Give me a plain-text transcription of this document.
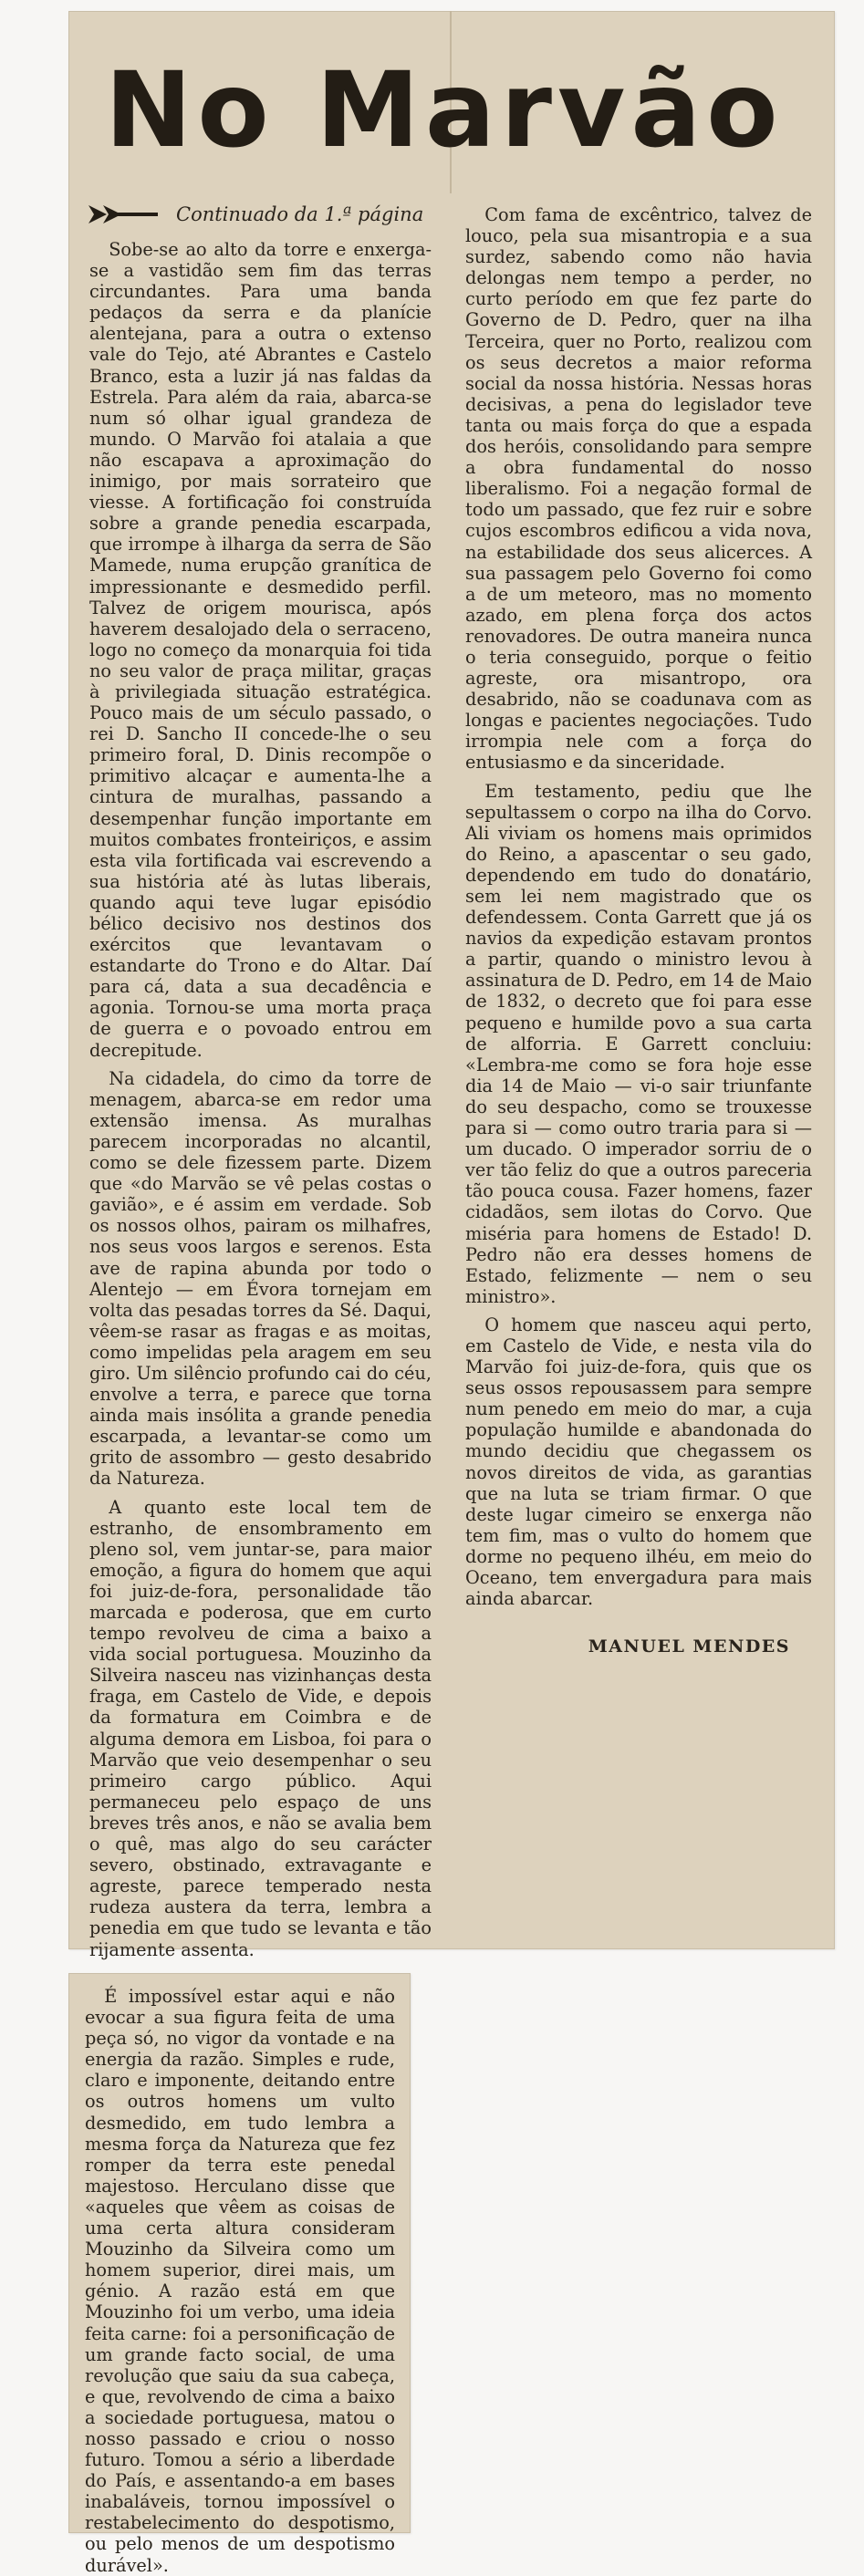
No Marvão
Continuado da 1.ª página

Sobe-se ao alto da torre e enxerga-se a vastidão sem fim das terras circundantes. Para uma banda pedaços da serra e da planície alentejana, para a outra o extenso vale do Tejo, até Abrantes e Castelo Branco, esta a luzir já nas faldas da Estrela. Para além da raia, abarca-se num só olhar igual grandeza de mundo. O Marvão foi atalaia a que não escapava a aproximação do inimigo, por mais sorrateiro que viesse. A fortificação foi construída sobre a grande penedia escarpada, que irrompe à ilharga da serra de São Mamede, numa erupção granítica de impressionante e desmedido perfil. Talvez de origem mourisca, após haverem desalojado dela o serraceno, logo no começo da monarquia foi tida no seu valor de praça militar, graças à privilegiada situação estratégica. Pouco mais de um século passado, o rei D. Sancho II concede-lhe o seu primeiro foral, D. Dinis recompõe o primitivo alcaçar e aumenta-lhe a cintura de muralhas, passando a desempenhar função importante em muitos combates fronteiriços, e assim esta vila fortificada vai escrevendo a sua história até às lutas liberais, quando aqui teve lugar episódio bélico decisivo nos destinos dos exércitos que levantavam o estandarte do Trono e do Altar. Daí para cá, data a sua decadência e agonia. Tornou-se uma morta praça de guerra e o povoado entrou em decrepitude.

Na cidadela, do cimo da torre de menagem, abarca-se em redor uma extensão imensa. As muralhas parecem incorporadas no alcantil, como se dele fizessem parte. Dizem que «do Marvão se vê pelas costas o gavião», e é assim em verdade. Sob os nossos olhos, pairam os milhafres, nos seus voos largos e serenos. Esta ave de rapina abunda por todo o Alentejo — em Évora tornejam em volta das pesadas torres da Sé. Daqui, vêem-se rasar as fragas e as moitas, como impelidas pela aragem em seu giro. Um silêncio profundo cai do céu, envolve a terra, e parece que torna ainda mais insólita a grande penedia escarpada, a levantar-se como um grito de assombro — gesto desabrido da Natureza.

A quanto este local tem de estranho, de ensombramento em pleno sol, vem juntar-se, para maior emoção, a figura do homem que aqui foi juiz-de-fora, personalidade tão marcada e poderosa, que em curto tempo revolveu de cima a baixo a vida social portuguesa. Mouzinho da Silveira nasceu nas vizinhanças desta fraga, em Castelo de Vide, e depois da formatura em Coimbra e de alguma demora em Lisboa, foi para o Marvão que veio desempenhar o seu primeiro cargo público. Aqui permaneceu pelo espaço de uns breves três anos, e não se avalia bem o quê, mas algo do seu carácter severo, obstinado, extravagante e agreste, parece temperado nesta rudeza austera da terra, lembra a penedia em que tudo se levanta e tão rijamente assenta.

Com fama de excêntrico, talvez de louco, pela sua misantropia e a sua surdez, sabendo como não havia delongas nem tempo a perder, no curto período em que fez parte do Governo de D. Pedro, quer na ilha Terceira, quer no Porto, realizou com os seus decretos a maior reforma social da nossa história. Nessas horas decisivas, a pena do legislador teve tanta ou mais força do que a espada dos heróis, consolidando para sempre a obra fundamental do nosso liberalismo. Foi a negação formal de todo um passado, que fez ruir e sobre cujos escombros edificou a vida nova, na estabilidade dos seus alicerces. A sua passagem pelo Governo foi como a de um meteoro, mas no momento azado, em plena força dos actos renovadores. De outra maneira nunca o teria conseguido, porque o feitio agreste, ora misantropo, ora desabrido, não se coadunava com as longas e pacientes negociações. Tudo irrompia nele com a força do entusiasmo e da sinceridade.

Em testamento, pediu que lhe sepultassem o corpo na ilha do Corvo. Ali viviam os homens mais oprimidos do Reino, a apascentar o seu gado, dependendo em tudo do donatário, sem lei nem magistrado que os defendessem. Conta Garrett que já os navios da expedição estavam prontos a partir, quando o ministro levou à assinatura de D. Pedro, em 14 de Maio de 1832, o decreto que foi para esse pequeno e humilde povo a sua carta de alforria. E Garrett concluiu: «Lembra-me como se fora hoje esse dia 14 de Maio — vi-o sair triunfante do seu despacho, como se trouxesse para si — como outro traria para si — um ducado. O imperador sorriu de o ver tão feliz do que a outros pareceria tão pouca cousa. Fazer homens, fazer cidadãos, sem ilotas do Corvo. Que miséria para homens de Estado! D. Pedro não era desses homens de Estado, felizmente — nem o seu ministro».

O homem que nasceu aqui perto, em Castelo de Vide, e nesta vila do Marvão foi juiz-de-fora, quis que os seus ossos repousassem para sempre num penedo em meio do mar, a cuja população humilde e abandonada do mundo decidiu que chegassem os novos direitos de vida, as garantias que na luta se triam firmar. O que deste lugar cimeiro se enxerga não tem fim, mas o vulto do homem que dorme no pequeno ilhéu, em meio do Oceano, tem envergadura para mais ainda abarcar.

MANUEL MENDES

É impossível estar aqui e não evocar a sua figura feita de uma peça só, no vigor da vontade e na energia da razão. Simples e rude, claro e imponente, deitando entre os outros homens um vulto desmedido, em tudo lembra a mesma força da Natureza que fez romper da terra este penedal majestoso. Herculano disse que «aqueles que vêem as coisas de uma certa altura consideram Mouzinho da Silveira como um homem superior, direi mais, um génio. A razão está em que Mouzinho foi um verbo, uma ideia feita carne: foi a personificação de um grande facto social, de uma revolução que saiu da sua cabeça, e que, revolvendo de cima a baixo a sociedade portuguesa, matou o nosso passado e criou o nosso futuro. Tomou a sério a liberdade do País, e assentando-a em bases inabaláveis, tornou impossível o restabelecimento do despotismo, ou pelo menos de um despotismo durável».
